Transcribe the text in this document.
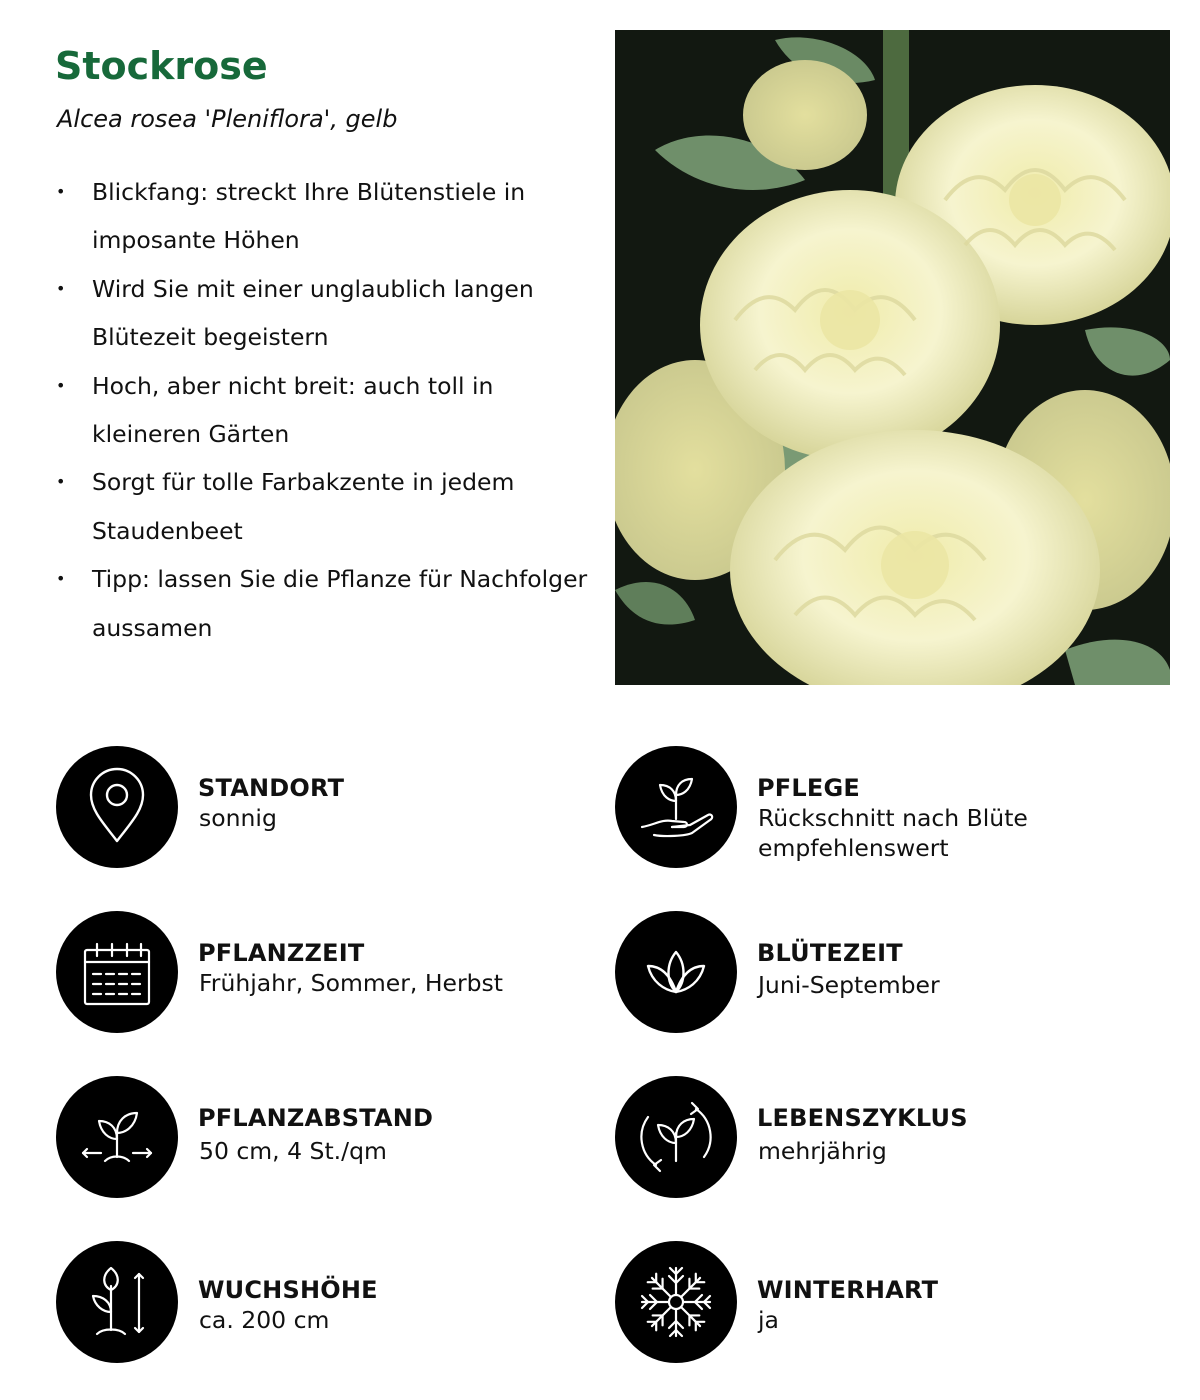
Stockrose

Alcea rosea 'Pleniflora', gelb

• Blickfang: streckt Ihre Blütenstiele in imposante Höhen
• Wird Sie mit einer unglaublich langen Blütezeit begeistern
• Hoch, aber nicht breit: auch toll in kleineren Gärten
• Sorgt für tolle Farbakzente in jedem Staudenbeet
• Tipp: lassen Sie die Pflanze für Nachfolger aussamen
STANDORT
sonnig
PFLEGE
Rückschnitt nach Blüte empfehlenswert
PFLANZZEIT
Frühjahr, Sommer, Herbst
BLÜTEZEIT
Juni-September
PFLANZABSTAND
50 cm, 4 St./qm
LEBENSZYKLUS
mehrjährig
WUCHSHÖHE
ca. 200 cm
WINTERHART
ja
